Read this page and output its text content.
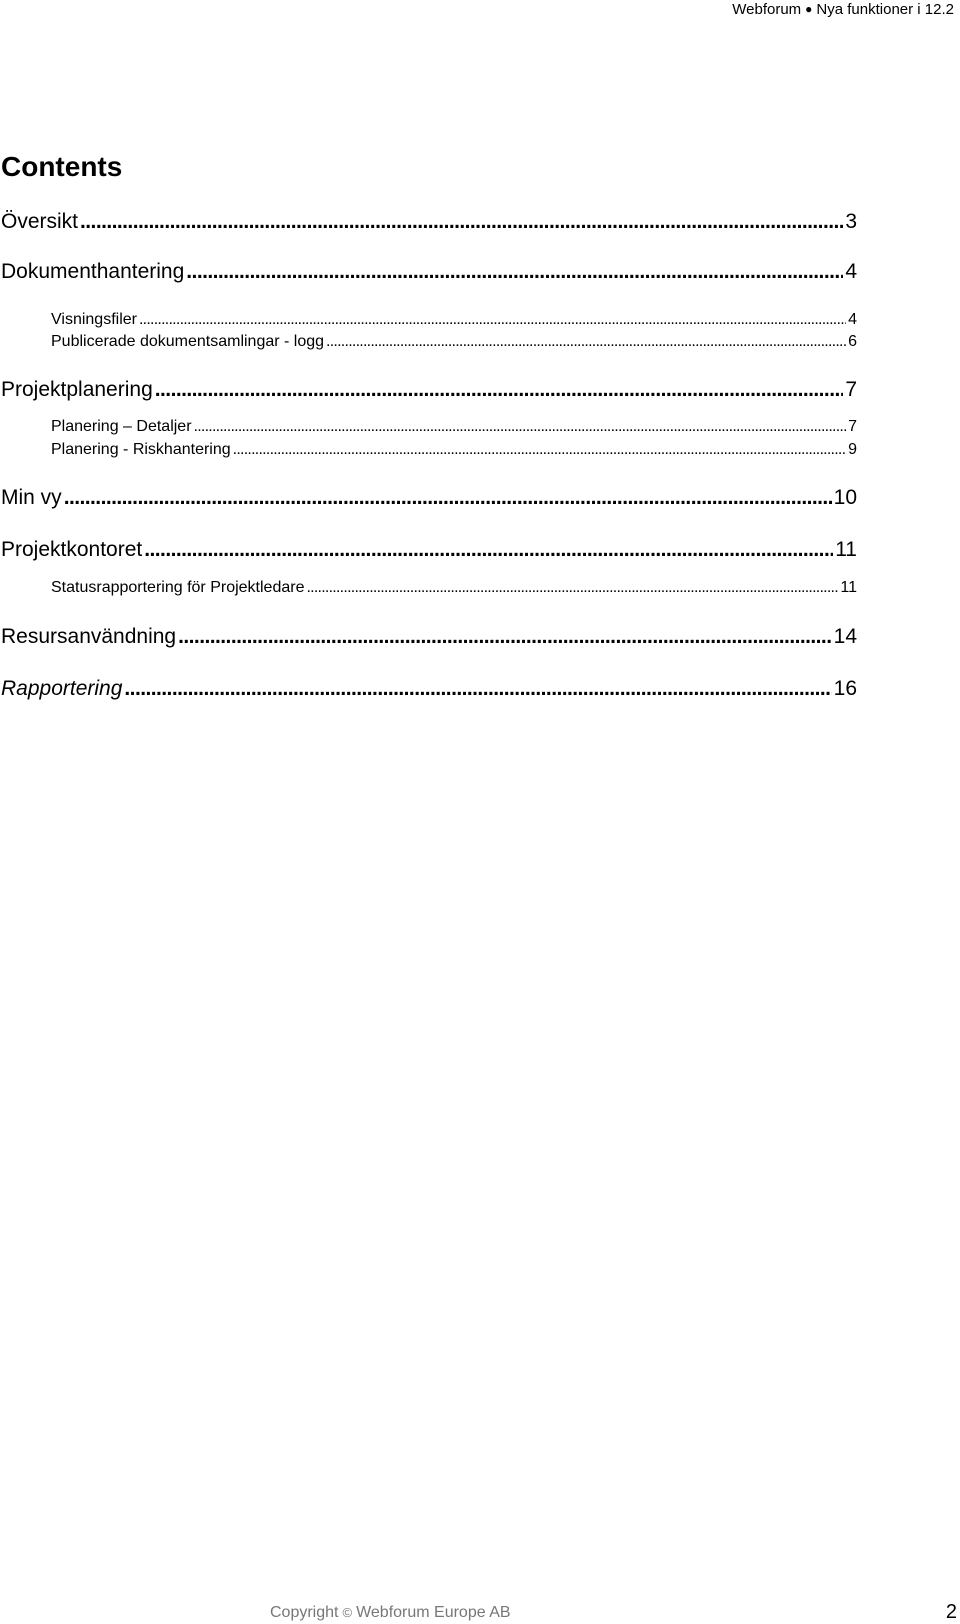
Webforum ● Nya funktioner i 12.2
Contents
Översikt . . .	3
Dokumenthantering . . .	4
Visningsfiler . . .	4
Publicerade dokumentsamlingar - logg . . .	6
Projektplanering . . .	7
Planering – Detaljer . . .	7
Planering - Riskhantering . . .	9
Min vy . . .	10
Projektkontoret . . .	11
Statusrapportering för Projektledare . . .	11
Resursanvändning . . .	14
Rapportering . . .	16
Copyright © Webforum Europe AB	2
